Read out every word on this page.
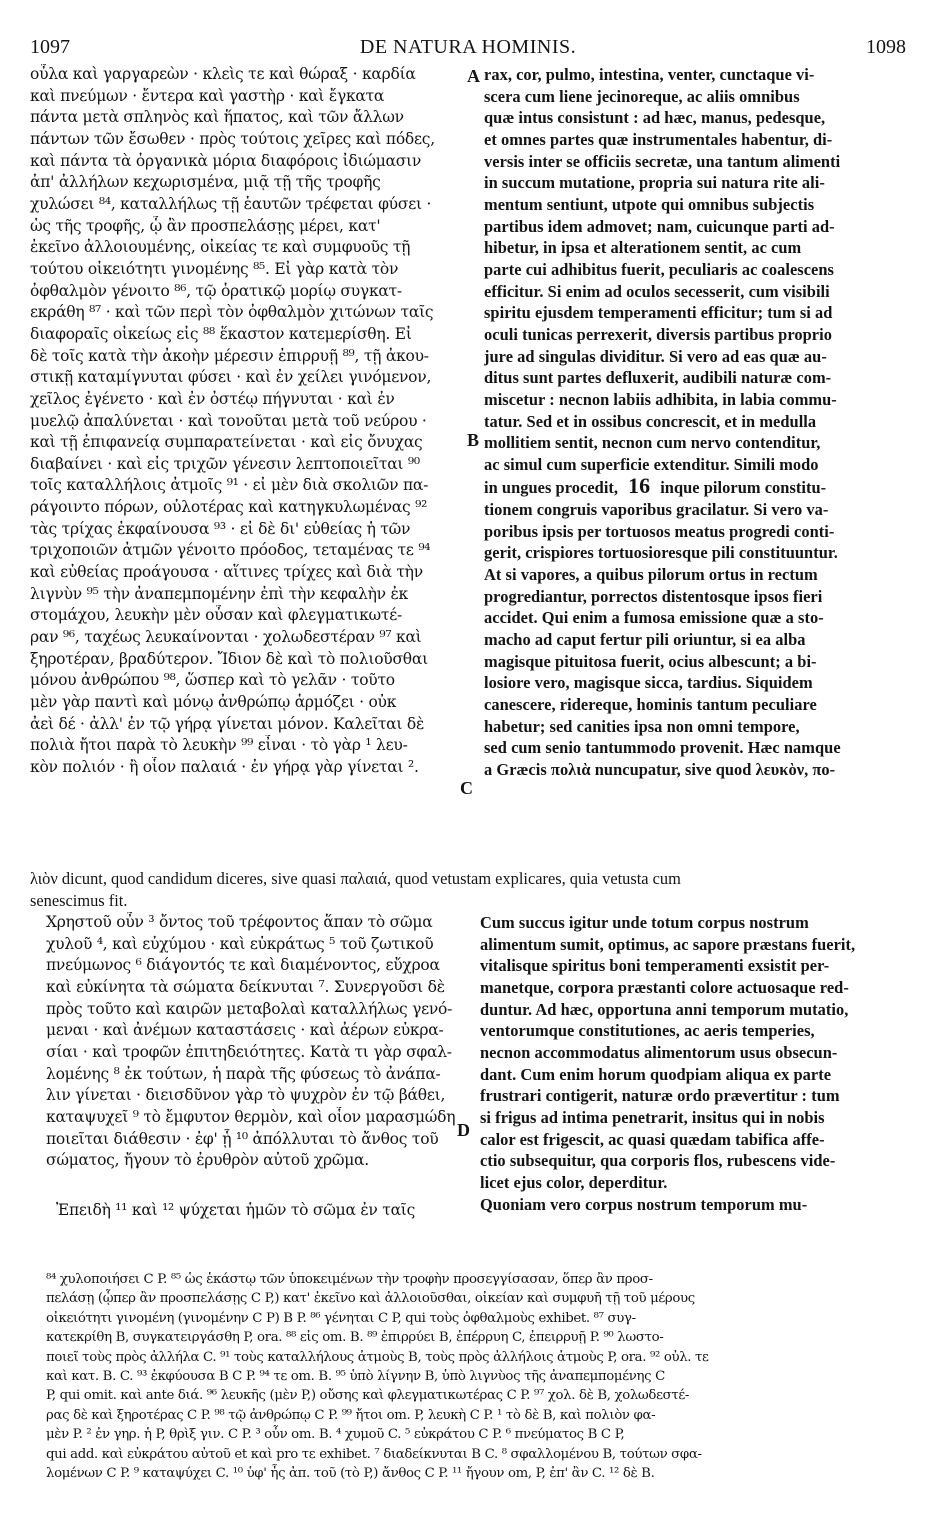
1097	DE NATURA HOMINIS.	1098
οὖλα καὶ γαργαρεὼν · κλεὶς τε καὶ θώραξ · καρδία
καὶ πνεύμων · ἔντερα καὶ γαστὴρ · καὶ ἔγκατα
πάντα μετὰ σπληνὸς καὶ ἥπατος, καὶ τῶν ἄλλων
πάντων τῶν ἔσωθεν · πρὸς τούτοις χεῖρες καὶ πόδες,
καὶ πάντα τὰ ὀργανικὰ μόρια διαφόροις ἰδιώμασιν
ἀπ' ἀλλήλων κεχωρισμένα, μιᾷ τῇ τῆς τροφῆς
χυλώσει ⁸⁴, καταλλήλως τῇ ἑαυτῶν τρέφεται φύσει ·
ὡς τῆς τροφῆς, ᾧ ἂν προσπελάσῃς μέρει, κατ'
ἐκεῖνο ἀλλοιουμένης, οἰκείας τε καὶ συμφυοῦς τῇ
τούτου οἰκειότητι γινομένης ⁸⁵. Εἰ γὰρ κατὰ τὸν
ὀφθαλμὸν γένοιτο ⁸⁶, τῷ ὁρατικῷ μορίῳ συγκατ-
εκράθη ⁸⁷ · καὶ τῶν περὶ τὸν ὀφθαλμὸν χιτώνων ταῖς
διαφοραῖς οἰκείως εἰς ⁸⁸ ἕκαστον κατεμερίσθη. Εἰ
δὲ τοῖς κατὰ τὴν ἀκοὴν μέρεσιν ἐπιρρυῇ ⁸⁹, τῇ ἀκου-
στικῇ καταμίγνυται φύσει · καὶ ἐν χείλει γινόμενον,
χεῖλος ἐγένετο · καὶ ἐν ὀστέῳ πήγνυται · καὶ ἐν
μυελῷ ἀπαλύνεται · καὶ τονοῦται μετὰ τοῦ νεύρου ·
καὶ τῇ ἐπιφανείᾳ συμπαρατείνεται · καὶ εἰς ὄνυχας
διαβαίνει · καὶ εἰς τριχῶν γένεσιν λεπτοποιεῖται ⁹⁰
τοῖς καταλλήλοις ἀτμοῖς ⁹¹ · εἰ μὲν διὰ σκολιῶν πα-
ράγοιντο πόρων, οὐλοτέρας καὶ κατηγκυλωμένας ⁹²
τὰς τρίχας ἐκφαίνουσα ⁹³ · εἰ δὲ δι' εὐθείας ἡ τῶν
τριχοποιῶν ἀτμῶν γένοιτο πρόοδος, τεταμένας τε ⁹⁴
καὶ εὐθείας προάγουσα · αἵτινες τρίχες καὶ διὰ τὴν
λιγνὺν ⁹⁵ τὴν ἀναπεμπομένην ἐπὶ τὴν κεφαλὴν ἐκ
στομάχου, λευκὴν μὲν οὖσαν καὶ φλεγματικωτέ-
ραν ⁹⁶, ταχέως λευκαίνονται · χολωδεστέραν ⁹⁷ καὶ
ξηροτέραν, βραδύτερον. Ἴδιον δὲ καὶ τὸ πολιοῦσθαι
μόνου ἀνθρώπου ⁹⁸, ὥσπερ καὶ τὸ γελᾶν · τοῦτο
μὲν γὰρ παντὶ καὶ μόνῳ ἀνθρώπῳ ἁρμόζει · οὐκ
ἀεὶ δέ · ἀλλ' ἐν τῷ γήρᾳ γίνεται μόνον. Καλεῖται δὲ
πολιὰ ἤτοι παρὰ τὸ λευκὴν ⁹⁹ εἶναι · τὸ γὰρ ¹ λευ-
κὸν πολιόν · ἢ οἷον παλαιά · ἐν γήρᾳ γὰρ γίνεται ².
A
B
C
D
rax, cor, pulmo, intestina, venter, cunctaque vi-
scera cum liene jecinoreque, ac aliis omnibus
quæ intus consistunt : ad hæc, manus, pedesque,
et omnes partes quæ instrumentales habentur, di-
versis inter se officiis secretæ, una tantum alimenti
in succum mutatione, propria sui natura rite ali-
mentum sentiunt, utpote qui omnibus subjectis
partibus idem admovet; nam, cuicunque parti ad-
hibetur, in ipsa et alterationem sentit, ac cum
parte cui adhibitus fuerit, peculiaris ac coalescens
efficitur. Si enim ad oculos secesserit, cum visibili
spiritu ejusdem temperamenti efficitur; tum si ad
oculi tunicas perrexerit, diversis partibus proprio
jure ad singulas dividitur. Si vero ad eas quæ au-
ditus sunt partes defluxerit, audibili naturæ com-
miscetur : necnon labiis adhibita, in labia commu-
tatur. Sed et in ossibus concrescit, et in medulla
mollitiem sentit, necnon cum nervo contenditur,
ac simul cum superficie extenditur. Simili modo
in ungues procedit, 16 inque pilorum constitu-
tionem congruis vaporibus gracilatur. Si vero va-
poribus ipsis per tortuosos meatus progredi conti-
gerit, crispiores tortuosioresque pili constituuntur.
At si vapores, a quibus pilorum ortus in rectum
progrediantur, porrectos distentosque ipsos fieri
accidet. Qui enim a fumosa emissione quæ a sto-
macho ad caput fertur pili oriuntur, si ea alba
magisque pituitosa fuerit, ocius albescunt; a bi-
losiore vero, magisque sicca, tardius. Siquidem
canescere, ridereque, hominis tantum peculiare
habetur; sed canities ipsa non omni tempore,
sed cum senio tantummodo provenit. Hæc namque
a Græcis πολιὰ nuncupatur, sive quod λευκὸν, πο-
λιὸν dicunt, quod candidum diceres, sive quasi παλαιά, quod vetustam explicares, quia vetusta cum
senescimus fit.
Χρηστοῦ οὖν ³ ὄντος τοῦ τρέφοντος ἅπαν τὸ σῶμα
χυλοῦ ⁴, καὶ εὐχύμου · καὶ εὐκράτως ⁵ τοῦ ζωτικοῦ
πνεύμωνος ⁶ διάγοντός τε καὶ διαμένοντος, εὔχροα
καὶ εὐκίνητα τὰ σώματα δείκνυται ⁷. Συνεργοῦσι δὲ
πρὸς τοῦτο καὶ καιρῶν μεταβολαὶ καταλλήλως γενό-
μεναι · καὶ ἀνέμων καταστάσεις · καὶ ἀέρων εὐκρα-
σίαι · καὶ τροφῶν ἐπιτηδειότητες. Κατὰ τι γὰρ σφαλ-
λομένης ⁸ ἐκ τούτων, ἡ παρὰ τῆς φύσεως τὸ ἀνάπα-
λιν γίνεται · διεισδῦνον γὰρ τὸ ψυχρὸν ἐν τῷ βάθει,
καταψυχεῖ ⁹ τὸ ἔμφυτον θερμὸν, καὶ οἷον μαρασμώδη
ποιεῖται διάθεσιν · ἐφ' ᾗ ¹⁰ ἀπόλλυται τὸ ἄνθος τοῦ
σώματος, ἤγουν τὸ ἐρυθρὸν αὐτοῦ χρῶμα.
Ἐπειδὴ ¹¹ καὶ ¹² ψύχεται ἡμῶν τὸ σῶμα ἐν ταῖς
Cum succus igitur unde totum corpus nostrum
alimentum sumit, optimus, ac sapore præstans fuerit,
vitalisque spiritus boni temperamenti exsistit per-
manetque, corpora præstanti colore actuosaque red-
duntur. Ad hæc, opportuna anni temporum mutatio,
ventorumque constitutiones, ac aeris temperies,
necnon accommodatus alimentorum usus obsecun-
dant. Cum enim horum quodpiam aliqua ex parte
frustrari contigerit, naturæ ordo prævertitur : tum
si frigus ad intima penetrarit, insitus qui in nobis
calor est frigescit, ac quasi quædam tabifica affe-
ctio subsequitur, qua corporis flos, rubescens vide-
licet ejus color, deperditur.
Quoniam vero corpus nostrum temporum mu-
⁸⁴ χυλοποιήσει C P. ⁸⁵ ὡς ἑκάστῳ τῶν ὑποκειμένων τὴν τροφὴν προσεγγίσασαν, ὅπερ ἂν προσ-
πελάσῃ (ᾧπερ ἂν προσπελάσῃς C P,) κατ' ἐκεῖνο καὶ ἀλλοιοῦσθαι, οἰκείαν καὶ συμφυῆ τῇ τοῦ μέρους
οἰκειότητι γινομένη (γινομένην C P) B P. ⁸⁶ γένηται C P, qui τοὺς ὀφθαλμοὺς exhibet. ⁸⁷ συγ-
κατεκρίθη B, συγκατειργάσθη P, ora. ⁸⁸ εἰς om. B. ⁸⁹ ἐπιρρύει B, ἐπέρρυη C, ἐπειρρυῇ P. ⁹⁰ λωστο-
ποιεῖ τοὺς πρὸς ἀλλήλα C. ⁹¹ τοὺς καταλλήλους ἀτμοὺς B, τοὺς πρὸς ἀλλήλοις ἀτμοὺς P, ora. ⁹² οὐλ. τε
καὶ κατ. B. C. ⁹³ ἐκφύουσα B C P. ⁹⁴ τε om. B. ⁹⁵ ὑπὸ λίγνην B, ὑπὸ λιγνὺος τῆς ἀναπεμπομένης C
P, qui omit. καὶ ante διά. ⁹⁶ λευκῆς (μὲν P,) οὔσης καὶ φλεγματικωτέρας C P. ⁹⁷ χολ. δὲ B, χολωδεστέ-
ρας δὲ καὶ ξηροτέρας C P. ⁹⁸ τῷ ἀνθρώπῳ C P. ⁹⁹ ἤτοι om. P, λευκὴ C P. ¹ τὸ δὲ B, καὶ πολιὸν φα-
μὲν P. ² ἐν γηρ. ἡ P, θρὶξ γιν. C P. ³ οὖν om. B. ⁴ χυμοῦ C. ⁵ εὐκράτου C P. ⁶ πνεύματος B C P,
qui add. καὶ εὐκράτου αὐτοῦ et καὶ pro τε exhibet. ⁷ διαδείκνυται B C. ⁸ σφαλλομένου B, τούτων σφα-
λομένων C P. ⁹ καταψύχει C. ¹⁰ ὑφ' ἧς ἀπ. τοῦ (τὸ P,) ἄνθος C P. ¹¹ ἤγουν om, P, ἐπ' ἂν C. ¹² δὲ B.
